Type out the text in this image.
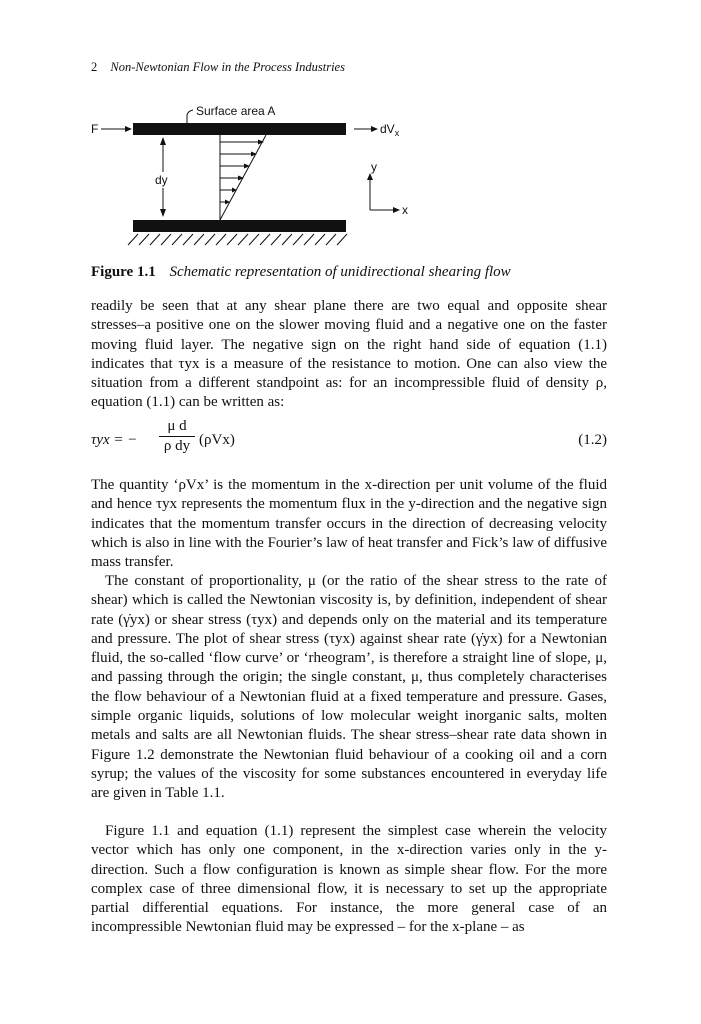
2 Non-Newtonian Flow in the Process Industries
Surface area A
F	$dV_x$
dy
y
x
Figure 1.1 Schematic representation of unidirectional shearing flow

readily be seen that at any shear plane there are two equal and opposite shear stresses–a positive one on the slower moving fluid and a negative one on the faster moving fluid layer. The negative sign on the right hand side of equation (1.1) indicates that τyx is a measure of the resistance to motion. One can also view the situation from a different standpoint as: for an incompressible fluid of density ρ, equation (1.1) can be written as:

τyx = −
μ d
ρ dy (ρVx)	(1.2)

The quantity ‘ρVx’ is the momentum in the x-direction per unit volume of the fluid and hence τyx represents the momentum flux in the y-direction and the negative sign indicates that the momentum transfer occurs in the direction of decreasing velocity which is also in line with the Fourier’s law of heat transfer and Fick’s law of diffusive mass transfer.

The constant of proportionality, μ (or the ratio of the shear stress to the rate of shear) which is called the Newtonian viscosity is, by definition, independent of shear rate (γ̇yx) or shear stress (τyx) and depends only on the material and its temperature and pressure. The plot of shear stress (τyx) against shear rate (γ̇yx) for a Newtonian fluid, the so-called ‘flow curve’ or ‘rheogram’, is therefore a straight line of slope, μ, and passing through the origin; the single constant, μ, thus completely characterises the flow behaviour of a Newtonian fluid at a fixed temperature and pressure. Gases, simple organic liquids, solutions of low molecular weight inorganic salts, molten metals and salts are all Newtonian fluids. The shear stress–shear rate data shown in Figure 1.2 demonstrate the Newtonian fluid behaviour of a cooking oil and a corn syrup; the values of the viscosity for some substances encountered in everyday life are given in Table 1.1.

Figure 1.1 and equation (1.1) represent the simplest case wherein the velocity vector which has only one component, in the x-direction varies only in the y-direction. Such a flow configuration is known as simple shear flow. For the more complex case of three dimensional flow, it is necessary to set up the appropriate partial differential equations. For instance, the more general case of an incompressible Newtonian fluid may be expressed – for the x-plane – as
